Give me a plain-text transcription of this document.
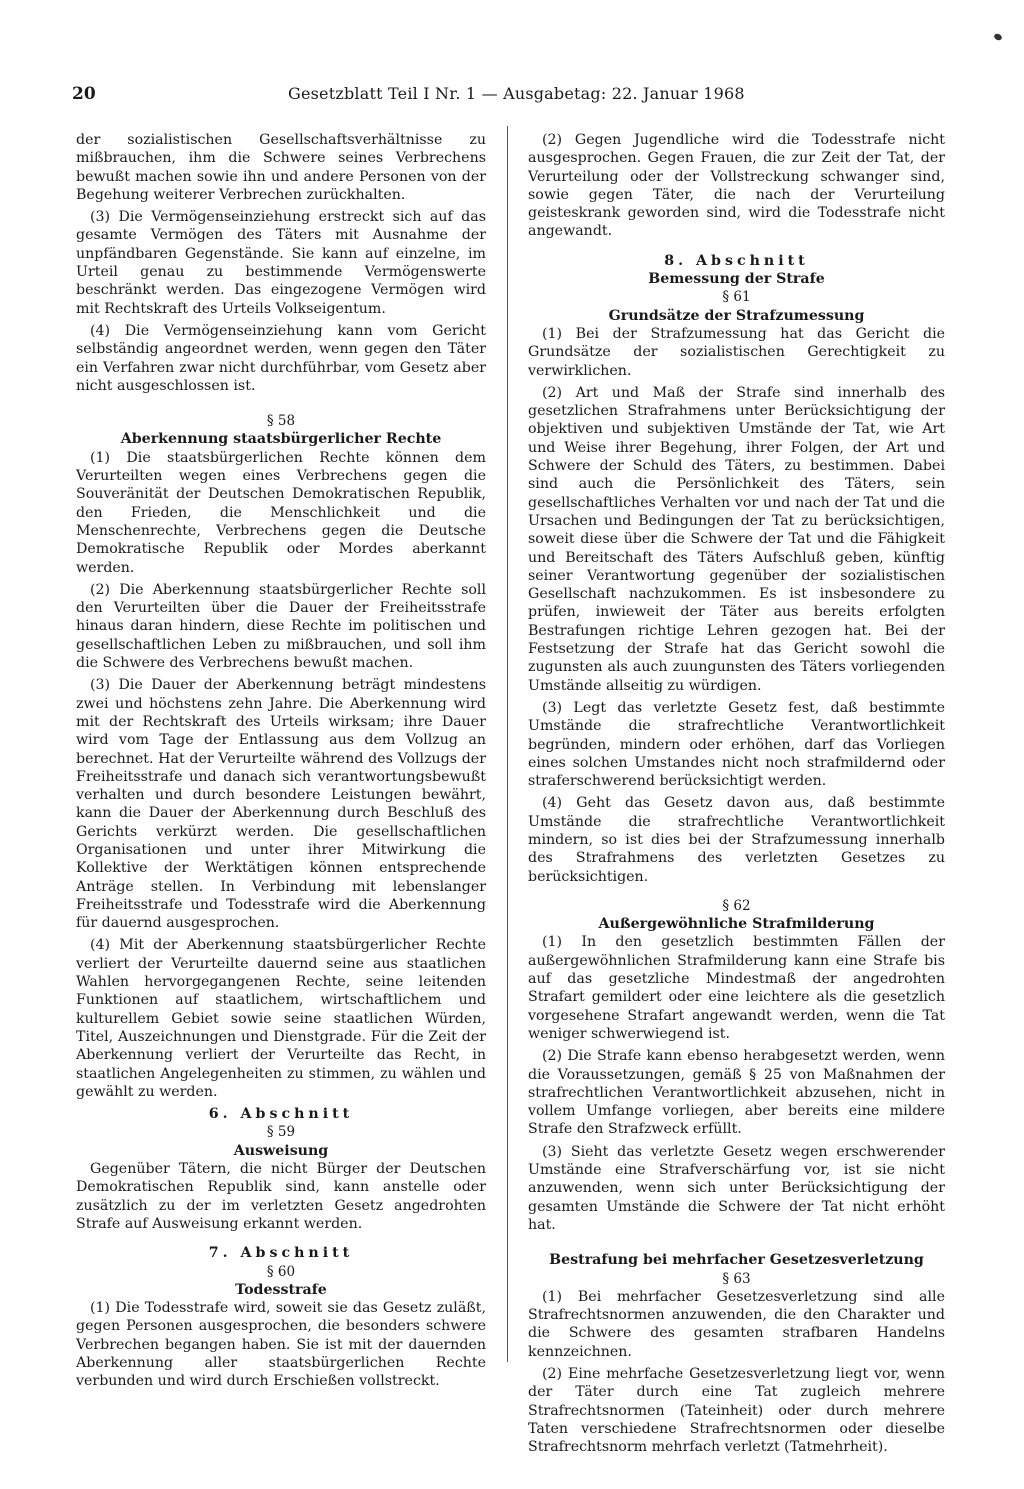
20	Gesetzblatt Teil I Nr. 1 — Ausgabetag: 22. Januar 1968

der sozialistischen Gesellschaftsverhältnisse zu mißbrauchen, ihm die Schwere seines Verbrechens bewußt machen sowie ihn und andere Personen von der Begehung weiterer Verbrechen zurückhalten.

(3) Die Vermögenseinziehung erstreckt sich auf das gesamte Vermögen des Täters mit Ausnahme der unpfändbaren Gegenstände. Sie kann auf einzelne, im Urteil genau zu bestimmende Vermögenswerte beschränkt werden. Das eingezogene Vermögen wird mit Rechtskraft des Urteils Volkseigentum.

(4) Die Vermögenseinziehung kann vom Gericht selbständig angeordnet werden, wenn gegen den Täter ein Verfahren zwar nicht durchführbar, vom Gesetz aber nicht ausgeschlossen ist.

§ 58
Aberkennung staatsbürgerlicher Rechte

(1) Die staatsbürgerlichen Rechte können dem Verurteilten wegen eines Verbrechens gegen die Souveränität der Deutschen Demokratischen Republik, den Frieden, die Menschlichkeit und die Menschenrechte, Verbrechens gegen die Deutsche Demokratische Republik oder Mordes aberkannt werden.

(2) Die Aberkennung staatsbürgerlicher Rechte soll den Verurteilten über die Dauer der Freiheitsstrafe hinaus daran hindern, diese Rechte im politischen und gesellschaftlichen Leben zu mißbrauchen, und soll ihm die Schwere des Verbrechens bewußt machen.

(3) Die Dauer der Aberkennung beträgt mindestens zwei und höchstens zehn Jahre. Die Aberkennung wird mit der Rechtskraft des Urteils wirksam; ihre Dauer wird vom Tage der Entlassung aus dem Vollzug an berechnet. Hat der Verurteilte während des Vollzugs der Freiheitsstrafe und danach sich verantwortungsbewußt verhalten und durch besondere Leistungen bewährt, kann die Dauer der Aberkennung durch Beschluß des Gerichts verkürzt werden. Die gesellschaftlichen Organisationen und unter ihrer Mitwirkung die Kollektive der Werktätigen können entsprechende Anträge stellen. In Verbindung mit lebenslanger Freiheitsstrafe und Todesstrafe wird die Aberkennung für dauernd ausgesprochen.

(4) Mit der Aberkennung staatsbürgerlicher Rechte verliert der Verurteilte dauernd seine aus staatlichen Wahlen hervorgegangenen Rechte, seine leitenden Funktionen auf staatlichem, wirtschaftlichem und kulturellem Gebiet sowie seine staatlichen Würden, Titel, Auszeichnungen und Dienstgrade. Für die Zeit der Aberkennung verliert der Verurteilte das Recht, in staatlichen Angelegenheiten zu stimmen, zu wählen und gewählt zu werden.

6. Abschnitt
§ 59
Ausweisung

Gegenüber Tätern, die nicht Bürger der Deutschen Demokratischen Republik sind, kann anstelle oder zusätzlich zu der im verletzten Gesetz angedrohten Strafe auf Ausweisung erkannt werden.

7. Abschnitt
§ 60
Todesstrafe

(1) Die Todesstrafe wird, soweit sie das Gesetz zuläßt, gegen Personen ausgesprochen, die besonders schwere Verbrechen begangen haben. Sie ist mit der dauernden Aberkennung aller staatsbürgerlichen Rechte verbunden und wird durch Erschießen vollstreckt.

(2) Gegen Jugendliche wird die Todesstrafe nicht ausgesprochen. Gegen Frauen, die zur Zeit der Tat, der Verurteilung oder der Vollstreckung schwanger sind, sowie gegen Täter, die nach der Verurteilung geisteskrank geworden sind, wird die Todesstrafe nicht angewandt.

8. Abschnitt
Bemessung der Strafe
§ 61
Grundsätze der Strafzumessung

(1) Bei der Strafzumessung hat das Gericht die Grundsätze der sozialistischen Gerechtigkeit zu verwirklichen.

(2) Art und Maß der Strafe sind innerhalb des gesetzlichen Strafrahmens unter Berücksichtigung der objektiven und subjektiven Umstände der Tat, wie Art und Weise ihrer Begehung, ihrer Folgen, der Art und Schwere der Schuld des Täters, zu bestimmen. Dabei sind auch die Persönlichkeit des Täters, sein gesellschaftliches Verhalten vor und nach der Tat und die Ursachen und Bedingungen der Tat zu berücksichtigen, soweit diese über die Schwere der Tat und die Fähigkeit und Bereitschaft des Täters Aufschluß geben, künftig seiner Verantwortung gegenüber der sozialistischen Gesellschaft nachzukommen. Es ist insbesondere zu prüfen, inwieweit der Täter aus bereits erfolgten Bestrafungen richtige Lehren gezogen hat. Bei der Festsetzung der Strafe hat das Gericht sowohl die zugunsten als auch zuungunsten des Täters vorliegenden Umstände allseitig zu würdigen.

(3) Legt das verletzte Gesetz fest, daß bestimmte Umstände die strafrechtliche Verantwortlichkeit begründen, mindern oder erhöhen, darf das Vorliegen eines solchen Umstandes nicht noch strafmildernd oder straferschwerend berücksichtigt werden.

(4) Geht das Gesetz davon aus, daß bestimmte Umstände die strafrechtliche Verantwortlichkeit mindern, so ist dies bei der Strafzumessung innerhalb des Strafrahmens des verletzten Gesetzes zu berücksichtigen.

§ 62
Außergewöhnliche Strafmilderung

(1) In den gesetzlich bestimmten Fällen der außergewöhnlichen Strafmilderung kann eine Strafe bis auf das gesetzliche Mindestmaß der angedrohten Strafart gemildert oder eine leichtere als die gesetzlich vorgesehene Strafart angewandt werden, wenn die Tat weniger schwerwiegend ist.

(2) Die Strafe kann ebenso herabgesetzt werden, wenn die Voraussetzungen, gemäß § 25 von Maßnahmen der strafrechtlichen Verantwortlichkeit abzusehen, nicht in vollem Umfange vorliegen, aber bereits eine mildere Strafe den Strafzweck erfüllt.

(3) Sieht das verletzte Gesetz wegen erschwerender Umstände eine Strafverschärfung vor, ist sie nicht anzuwenden, wenn sich unter Berücksichtigung der gesamten Umstände die Schwere der Tat nicht erhöht hat.

Bestrafung bei mehrfacher Gesetzesverletzung
§ 63

(1) Bei mehrfacher Gesetzesverletzung sind alle Strafrechtsnormen anzuwenden, die den Charakter und die Schwere des gesamten strafbaren Handelns kennzeichnen.

(2) Eine mehrfache Gesetzesverletzung liegt vor, wenn der Täter durch eine Tat zugleich mehrere Strafrechtsnormen (Tateinheit) oder durch mehrere Taten verschiedene Strafrechtsnormen oder dieselbe Strafrechtsnorm mehrfach verletzt (Tatmehrheit).
